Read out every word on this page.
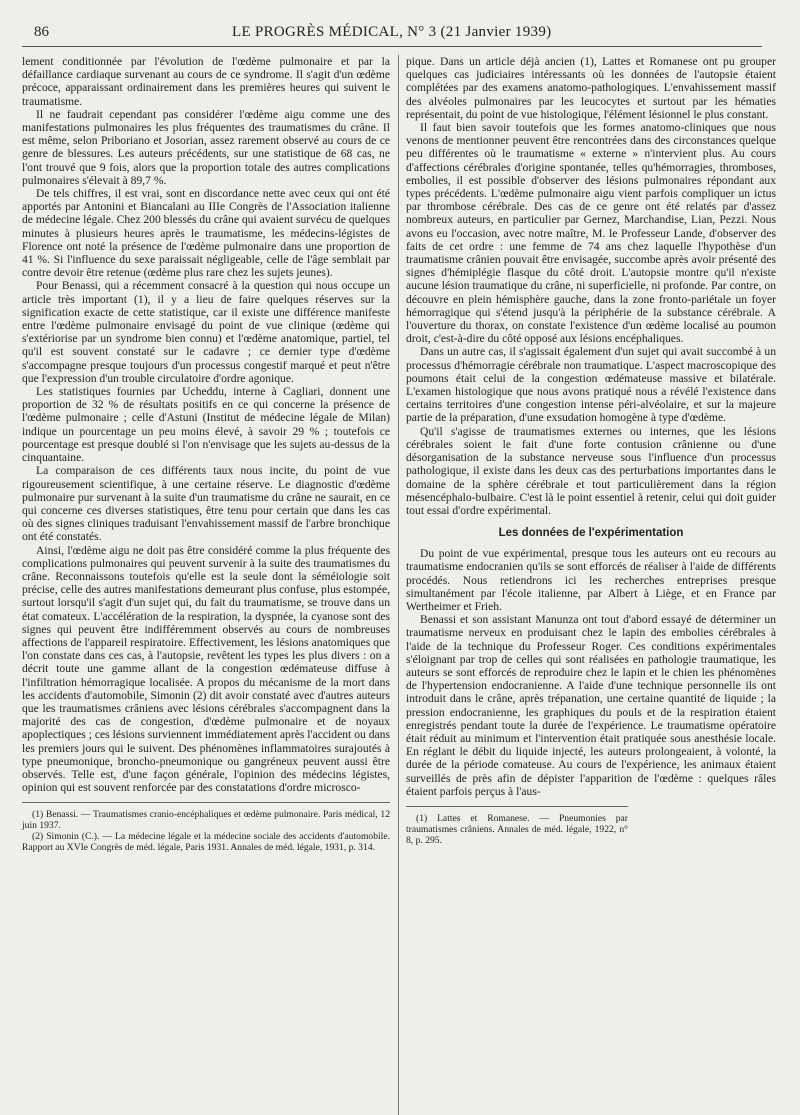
86	LE PROGRÈS MÉDICAL, N° 3 (21 Janvier 1939)

lement conditionnée par l'évolution de l'œdème pulmonaire et par la défaillance cardiaque survenant au cours de ce syndrome. Il s'agit d'un œdème précoce, apparaissant ordinairement dans les premières heures qui suivent le traumatisme.

Il ne faudrait cependant pas considérer l'œdème aigu comme une des manifestations pulmonaires les plus fréquentes des traumatismes du crâne. Il est même, selon Priboriano et Josorian, assez rarement observé au cours de ce genre de blessures. Les auteurs précédents, sur une statistique de 68 cas, ne l'ont trouvé que 9 fois, alors que la proportion totale des autres complications pulmonaires s'élevait à 89,7 %.

De tels chiffres, il est vrai, sont en discordance nette avec ceux qui ont été apportés par Antonini et Biancalani au IIIe Congrès de l'Association italienne de médecine légale. Chez 200 blessés du crâne qui avaient survécu de quelques minutes à plusieurs heures après le traumatisme, les médecins-légistes de Florence ont noté la présence de l'œdème pulmonaire dans une proportion de 41 %. Si l'influence du sexe paraissait négligeable, celle de l'âge semblait par contre devoir être retenue (œdème plus rare chez les sujets jeunes).

Pour Benassi, qui a récemment consacré à la question qui nous occupe un article très important (1), il y a lieu de faire quelques réserves sur la signification exacte de cette statistique, car il existe une différence manifeste entre l'œdème pulmonaire envisagé du point de vue clinique (œdème qui s'extériorise par un syndrome bien connu) et l'œdème anatomique, partiel, tel qu'il est souvent constaté sur le cadavre ; ce dernier type d'œdème s'accompagne presque toujours d'un processus congestif marqué et peut n'être que l'expression d'un trouble circulatoire d'ordre agonique.

Les statistiques fournies par Ucheddu, interne à Cagliari, donnent une proportion de 32 % de résultats positifs en ce qui concerne la présence de l'œdème pulmonaire ; celle d'Astuni (Institut de médecine légale de Milan) indique un pourcentage un peu moins élevé, à savoir 29 % ; toutefois ce pourcentage est presque doublé si l'on n'envisage que les sujets au-dessus de la cinquantaine.

La comparaison de ces différents taux nous incite, du point de vue rigoureusement scientifique, à une certaine réserve. Le diagnostic d'œdème pulmonaire pur survenant à la suite d'un traumatisme du crâne ne saurait, en ce qui concerne ces diverses statistiques, être tenu pour certain que dans les cas où des signes cliniques traduisant l'envahissement massif de l'arbre bronchique ont été constatés.

Ainsi, l'œdème aigu ne doit pas être considéré comme la plus fréquente des complications pulmonaires qui peuvent survenir à la suite des traumatismes du crâne. Reconnaissons toutefois qu'elle est la seule dont la séméiologie soit précise, celle des autres manifestations demeurant plus confuse, plus estompée, surtout lorsqu'il s'agit d'un sujet qui, du fait du traumatisme, se trouve dans un état comateux. L'accélération de la respiration, la dyspnée, la cyanose sont des signes qui peuvent être indifféremment observés au cours de nombreuses affections de l'appareil respiratoire. Effectivement, les lésions anatomiques que l'on constate dans ces cas, à l'autopsie, revêtent les types les plus divers : on a décrit toute une gamme allant de la congestion œdémateuse diffuse à l'infiltration hémorragique localisée. A propos du mécanisme de la mort dans les accidents d'automobile, Simonin (2) dit avoir constaté avec d'autres auteurs que les traumatismes crâniens avec lésions cérébrales s'accompagnent dans la majorité des cas de congestion, d'œdème pulmonaire et de noyaux apoplectiques ; ces lésions surviennent immédiatement après l'accident ou dans les premiers jours qui le suivent. Des phénomènes inflammatoires surajoutés à type pneumonique, broncho-pneumonique ou gangréneux peuvent aussi être observés. Telle est, d'une façon générale, l'opinion des médecins légistes, opinion qui est souvent renforcée par des constatations d'ordre microsco-

(1) Benassi. — Traumatismes cranio-encéphaliques et œdème pulmonaire. Paris médical, 12 juin 1937.

(2) Simonin (C.). — La médecine légale et la médecine sociale des accidents d'automobile. Rapport au XVIe Congrès de méd. légale, Paris 1931. Annales de méd. légale, 1931, p. 314.

pique. Dans un article déjà ancien (1), Lattes et Romanese ont pu grouper quelques cas judiciaires intéressants où les données de l'autopsie étaient complétées par des examens anatomo-pathologiques. L'envahissement massif des alvéoles pulmonaires par les leucocytes et surtout par les hématies représentait, du point de vue histologique, l'élément lésionnel le plus constant.

Il faut bien savoir toutefois que les formes anatomo-cliniques que nous venons de mentionner peuvent être rencontrées dans des circonstances quelque peu différentes où le traumatisme « externe » n'intervient plus. Au cours d'affections cérébrales d'origine spontanée, telles qu'hémorragies, thromboses, embolies, il est possible d'observer des lésions pulmonaires répondant aux types précédents. L'œdème pulmonaire aigu vient parfois compliquer un ictus par thrombose cérébrale. Des cas de ce genre ont été relatés par d'assez nombreux auteurs, en particulier par Gernez, Marchandise, Lian, Pezzi. Nous avons eu l'occasion, avec notre maître, M. le Professeur Lande, d'observer des faits de cet ordre : une femme de 74 ans chez laquelle l'hypothèse d'un traumatisme crânien pouvait être envisagée, succombe après avoir présenté des signes d'hémiplégie flasque du côté droit. L'autopsie montre qu'il n'existe aucune lésion traumatique du crâne, ni superficielle, ni profonde. Par contre, on découvre en plein hémisphère gauche, dans la zone fronto-pariétale un foyer hémorragique qui s'étend jusqu'à la périphérie de la substance cérébrale. A l'ouverture du thorax, on constate l'existence d'un œdème localisé au poumon droit, c'est-à-dire du côté opposé aux lésions encéphaliques.

Dans un autre cas, il s'agissait également d'un sujet qui avait succombé à un processus d'hémorragie cérébrale non traumatique. L'aspect macroscopique des poumons était celui de la congestion œdémateuse massive et bilatérale. L'examen histologique que nous avons pratiqué nous a révélé l'existence dans certains territoires d'une congestion intense péri-alvéolaire, et sur la majeure partie de la préparation, d'une exsudation homogène à type d'œdème.

Qu'il s'agisse de traumatismes externes ou internes, que les lésions cérébrales soient le fait d'une forte contusion crânienne ou d'une désorganisation de la substance nerveuse sous l'influence d'un processus pathologique, il existe dans les deux cas des perturbations importantes dans le domaine de la sphère cérébrale et tout particulièrement dans la région mésencéphalo-bulbaire. C'est là le point essentiel à retenir, celui qui doit guider tout essai d'ordre expérimental.

Les données de l'expérimentation

Du point de vue expérimental, presque tous les auteurs ont eu recours au traumatisme endocranien qu'ils se sont efforcés de réaliser à l'aide de différents procédés. Nous retiendrons ici les recherches entreprises presque simultanément par l'école italienne, par Albert à Liège, et en France par Wertheimer et Frieh.

Benassi et son assistant Manunza ont tout d'abord essayé de déterminer un traumatisme nerveux en produisant chez le lapin des embolies cérébrales à l'aide de la technique du Professeur Roger. Ces conditions expérimentales s'éloignant par trop de celles qui sont réalisées en pathologie traumatique, les auteurs se sont efforcés de reproduire chez le lapin et le chien les phénomènes de l'hypertension endocranienne. A l'aide d'une technique personnelle ils ont introduit dans le crâne, après trépanation, une certaine quantité de liquide ; la pression endocranienne, les graphiques du pouls et de la respiration étaient enregistrés pendant toute la durée de l'expérience. Le traumatisme opératoire était réduit au minimum et l'intervention était pratiquée sous anesthésie locale. En réglant le débit du liquide injecté, les auteurs prolongeaient, à volonté, la durée de la période comateuse. Au cours de l'expérience, les animaux étaient surveillés de près afin de dépister l'apparition de l'œdème : quelques râles étaient parfois perçus à l'aus-

(1) Lattes et Romanese. — Pneumonies par traumatismes crâniens. Annales de méd. légale, 1922, n° 8, p. 295.
